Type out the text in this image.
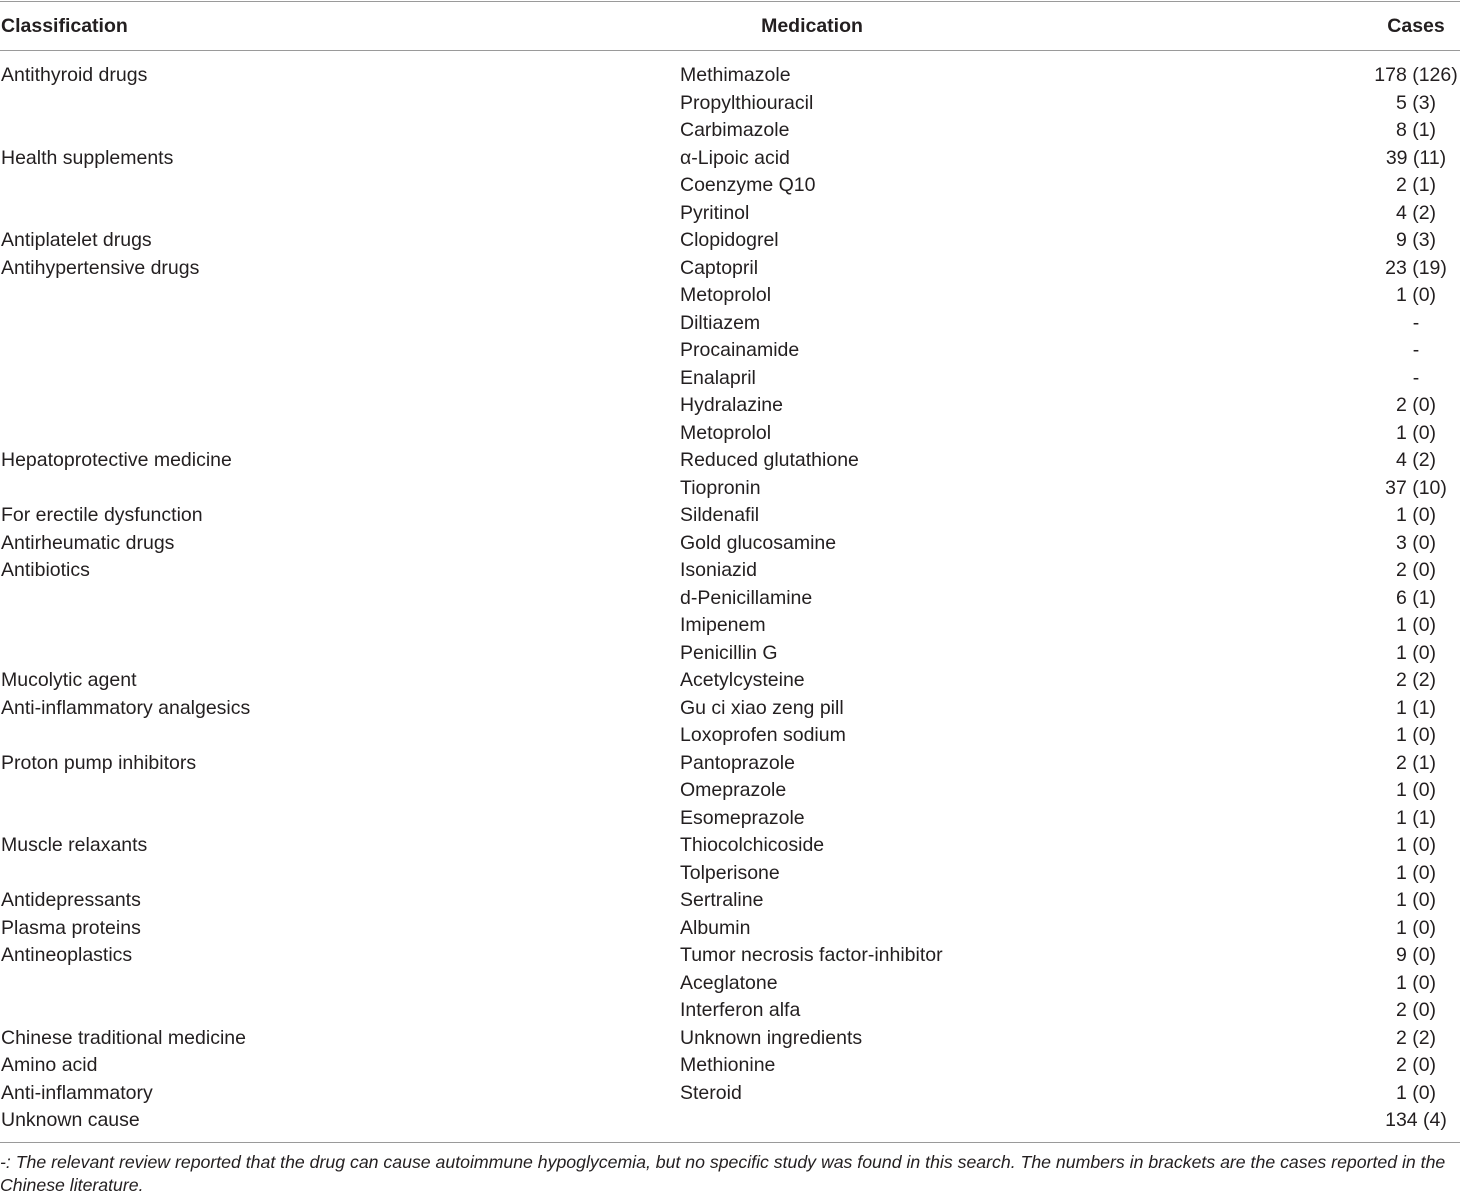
Classification	Medication	Cases
Antithyroid drugs	Methimazole	178 (126)
Propylthiouracil	5 (3)
Carbimazole	8 (1)
Health supplements	α-Lipoic acid	39 (11)
Coenzyme Q10	2 (1)
Pyritinol	4 (2)
Antiplatelet drugs	Clopidogrel	9 (3)
Antihypertensive drugs	Captopril	23 (19)
Metoprolol	1 (0)
Diltiazem	-
Procainamide	-
Enalapril	-
Hydralazine	2 (0)
Metoprolol	1 (0)
Hepatoprotective medicine	Reduced glutathione	4 (2)
Tiopronin	37 (10)
For erectile dysfunction	Sildenafil	1 (0)
Antirheumatic drugs	Gold glucosamine	3 (0)
Antibiotics	Isoniazid	2 (0)
d-Penicillamine	6 (1)
Imipenem	1 (0)
Penicillin G	1 (0)
Mucolytic agent	Acetylcysteine	2 (2)
Anti-inflammatory analgesics	Gu ci xiao zeng pill	1 (1)
Loxoprofen sodium	1 (0)
Proton pump inhibitors	Pantoprazole	2 (1)
Omeprazole	1 (0)
Esomeprazole	1 (1)
Muscle relaxants	Thiocolchicoside	1 (0)
Tolperisone	1 (0)
Antidepressants	Sertraline	1 (0)
Plasma proteins	Albumin	1 (0)
Antineoplastics	Tumor necrosis factor-inhibitor	9 (0)
Aceglatone	1 (0)
Interferon alfa	2 (0)
Chinese traditional medicine	Unknown ingredients	2 (2)
Amino acid	Methionine	2 (0)
Anti-inflammatory	Steroid	1 (0)
Unknown cause	134 (4)
-: The relevant review reported that the drug can cause autoimmune hypoglycemia, but no specific study was found in this search. The numbers in brackets are the cases reported in the Chinese literature.
